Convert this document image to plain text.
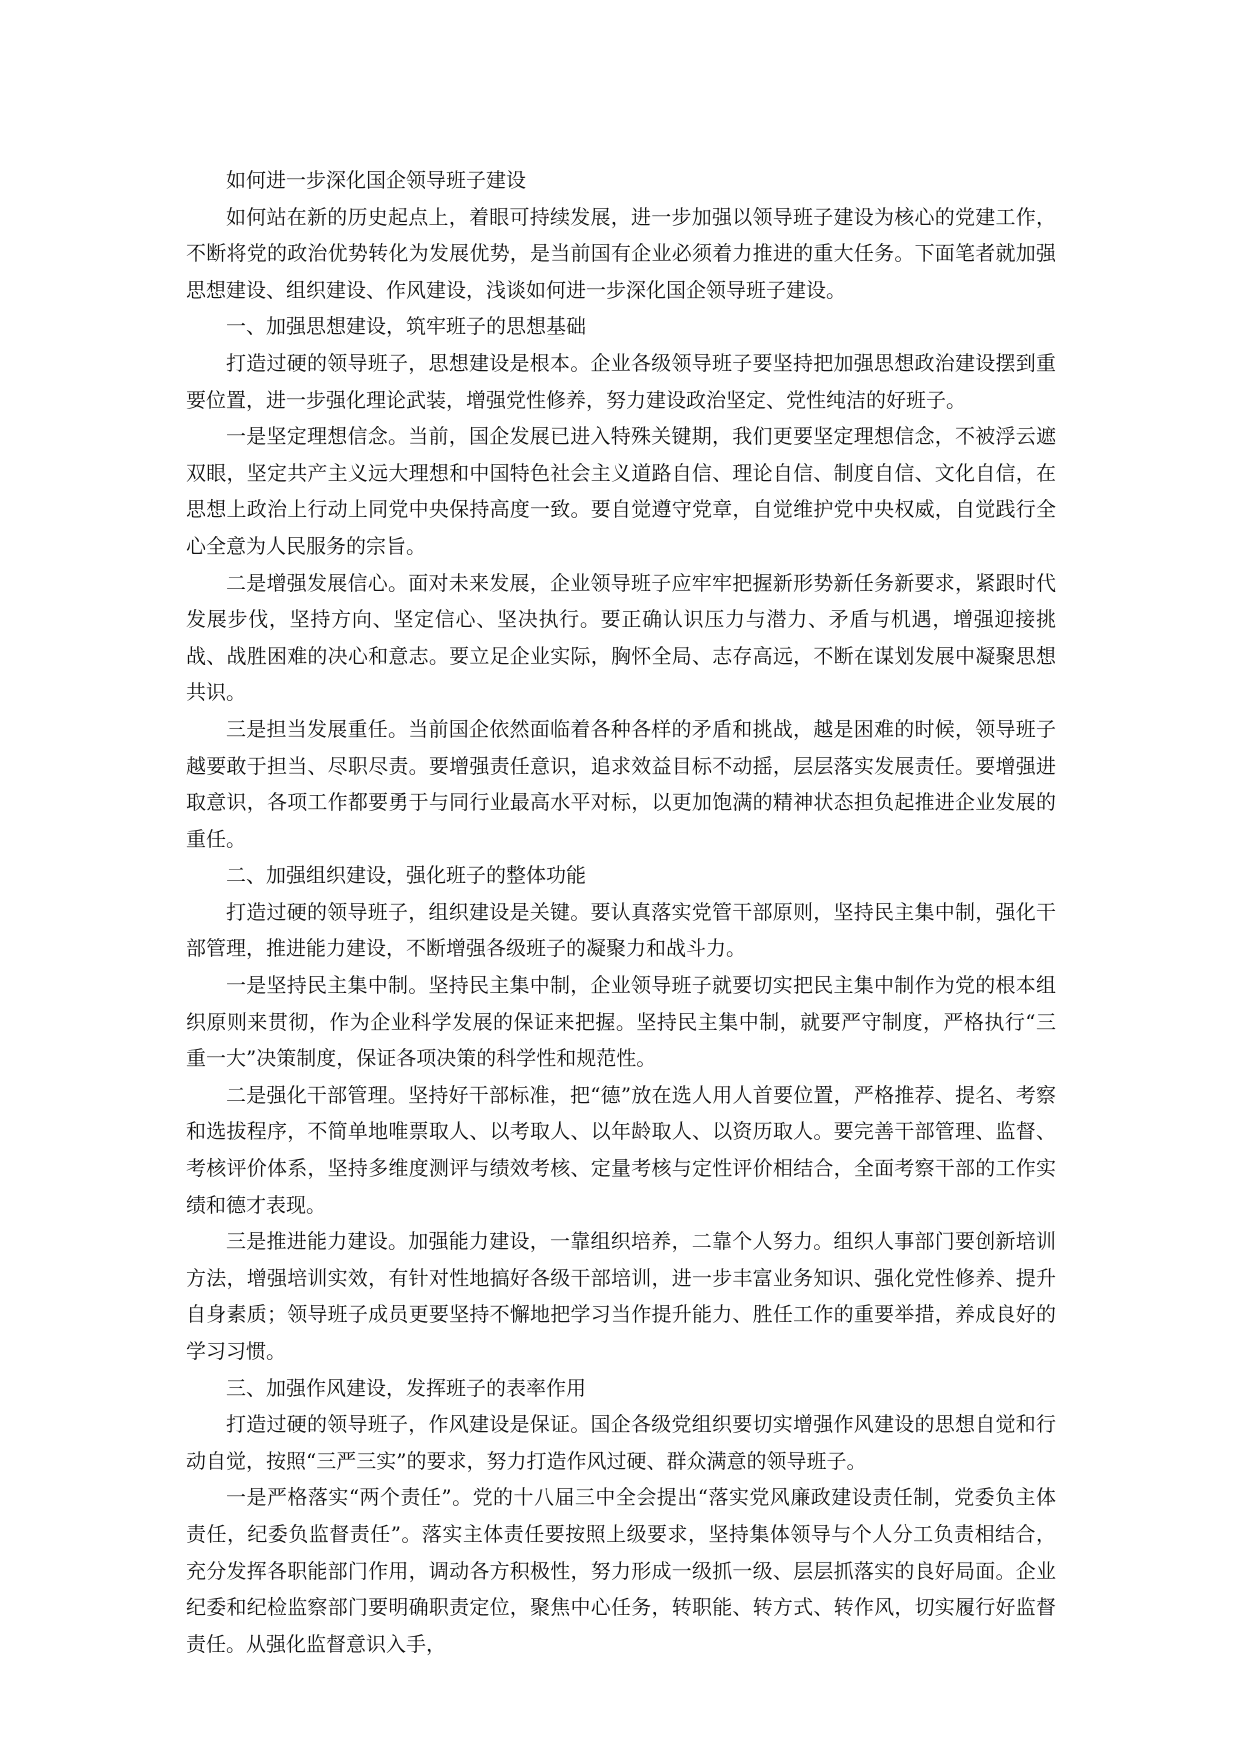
如何进一步深化国企领导班子建设

如何站在新的历史起点上，着眼可持续发展，进一步加强以领导班子建设为核心的党建工作，不断将党的政治优势转化为发展优势，是当前国有企业必须着力推进的重大任务。下面笔者就加强思想建设、组织建设、作风建设，浅谈如何进一步深化国企领导班子建设。

一、加强思想建设，筑牢班子的思想基础

打造过硬的领导班子，思想建设是根本。企业各级领导班子要坚持把加强思想政治建设摆到重要位置，进一步强化理论武装，增强党性修养，努力建设政治坚定、党性纯洁的好班子。

一是坚定理想信念。当前，国企发展已进入特殊关键期，我们更要坚定理想信念，不被浮云遮双眼，坚定共产主义远大理想和中国特色社会主义道路自信、理论自信、制度自信、文化自信，在思想上政治上行动上同党中央保持高度一致。要自觉遵守党章，自觉维护党中央权威，自觉践行全心全意为人民服务的宗旨。

二是增强发展信心。面对未来发展，企业领导班子应牢牢把握新形势新任务新要求，紧跟时代发展步伐，坚持方向、坚定信心、坚决执行。要正确认识压力与潜力、矛盾与机遇，增强迎接挑战、战胜困难的决心和意志。要立足企业实际，胸怀全局、志存高远，不断在谋划发展中凝聚思想共识。

三是担当发展重任。当前国企依然面临着各种各样的矛盾和挑战，越是困难的时候，领导班子越要敢于担当、尽职尽责。要增强责任意识，追求效益目标不动摇，层层落实发展责任。要增强进取意识，各项工作都要勇于与同行业最高水平对标，以更加饱满的精神状态担负起推进企业发展的重任。

二、加强组织建设，强化班子的整体功能

打造过硬的领导班子，组织建设是关键。要认真落实党管干部原则，坚持民主集中制，强化干部管理，推进能力建设，不断增强各级班子的凝聚力和战斗力。

一是坚持民主集中制。坚持民主集中制，企业领导班子就要切实把民主集中制作为党的根本组织原则来贯彻，作为企业科学发展的保证来把握。坚持民主集中制，就要严守制度，严格执行“三重一大”决策制度，保证各项决策的科学性和规范性。

二是强化干部管理。坚持好干部标准，把“德”放在选人用人首要位置，严格推荐、提名、考察和选拔程序，不简单地唯票取人、以考取人、以年龄取人、以资历取人。要完善干部管理、监督、考核评价体系，坚持多维度测评与绩效考核、定量考核与定性评价相结合，全面考察干部的工作实绩和德才表现。

三是推进能力建设。加强能力建设，一靠组织培养，二靠个人努力。组织人事部门要创新培训方法，增强培训实效，有针对性地搞好各级干部培训，进一步丰富业务知识、强化党性修养、提升自身素质；领导班子成员更要坚持不懈地把学习当作提升能力、胜任工作的重要举措，养成良好的学习习惯。

三、加强作风建设，发挥班子的表率作用

打造过硬的领导班子，作风建设是保证。国企各级党组织要切实增强作风建设的思想自觉和行动自觉，按照“三严三实”的要求，努力打造作风过硬、群众满意的领导班子。

一是严格落实“两个责任”。党的十八届三中全会提出“落实党风廉政建设责任制，党委负主体责任，纪委负监督责任”。落实主体责任要按照上级要求，坚持集体领导与个人分工负责相结合，充分发挥各职能部门作用，调动各方积极性，努力形成一级抓一级、层层抓落实的良好局面。企业纪委和纪检监察部门要明确职责定位，聚焦中心任务，转职能、转方式、转作风，切实履行好监督责任。从强化监督意识入手，
